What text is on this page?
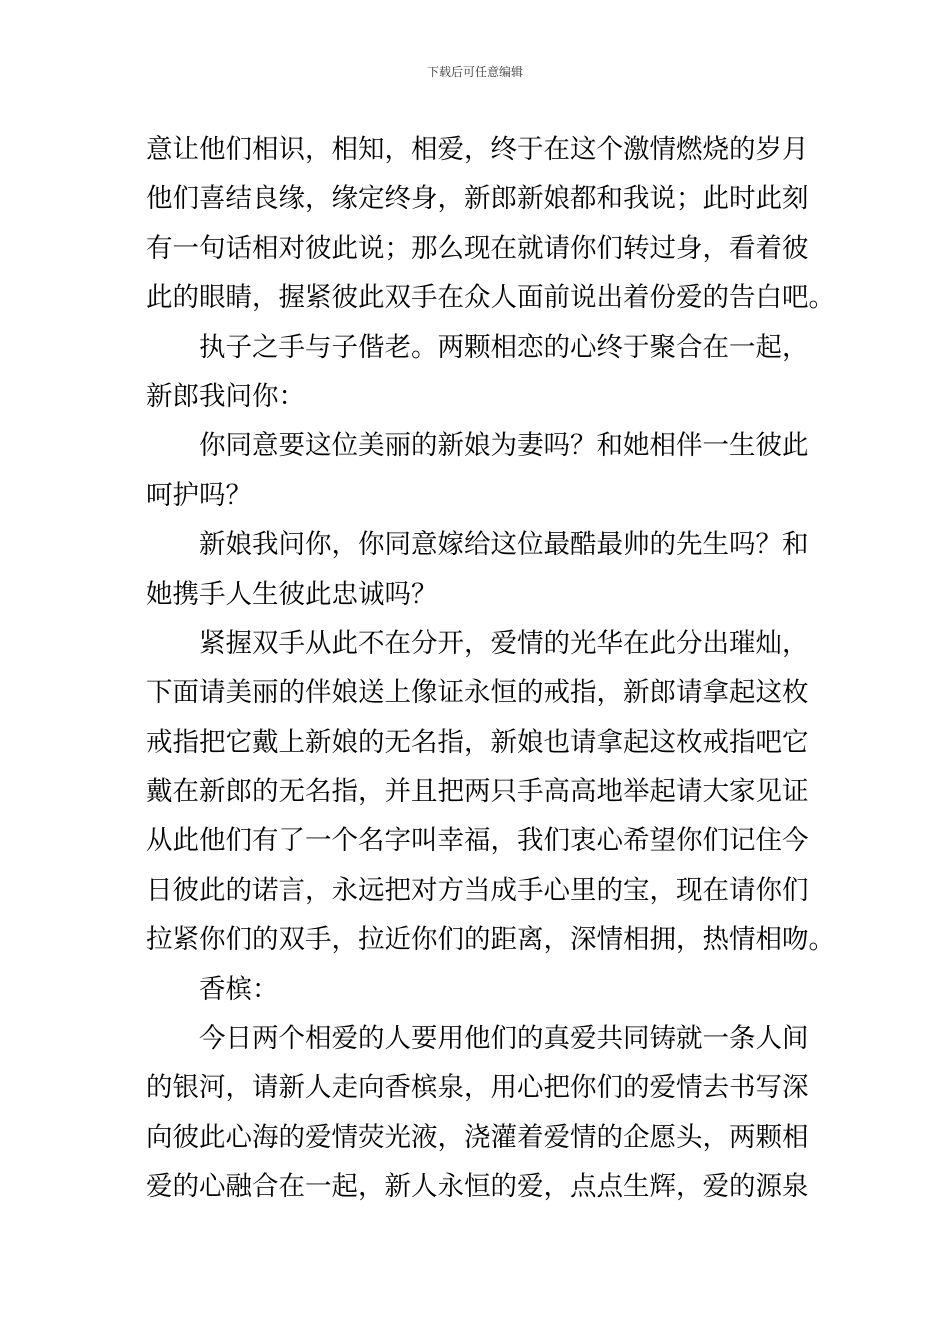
下载后可任意编辑
意让他们相识，相知，相爱，终于在这个激情燃烧的岁月
他们喜结良缘，缘定终身，新郎新娘都和我说；此时此刻
有一句话相对彼此说；那么现在就请你们转过身，看着彼
此的眼睛，握紧彼此双手在众人面前说出着份爱的告白吧。
执子之手与子偕老。两颗相恋的心终于聚合在一起，
新郎我问你：
你同意要这位美丽的新娘为妻吗？和她相伴一生彼此
呵护吗？
新娘我问你，你同意嫁给这位最酷最帅的先生吗？和
她携手人生彼此忠诚吗？
紧握双手从此不在分开，爱情的光华在此分出璀灿，
下面请美丽的伴娘送上像证永恒的戒指，新郎请拿起这枚
戒指把它戴上新娘的无名指，新娘也请拿起这枚戒指吧它
戴在新郎的无名指，并且把两只手高高地举起请大家见证
从此他们有了一个名字叫幸福，我们衷心希望你们记住今
日彼此的诺言，永远把对方当成手心里的宝，现在请你们
拉紧你们的双手，拉近你们的距离，深情相拥，热情相吻。
香槟：
今日两个相爱的人要用他们的真爱共同铸就一条人间
的银河，请新人走向香槟泉，用心把你们的爱情去书写深
向彼此心海的爱情荧光液，浇灌着爱情的企愿头，两颗相
爱的心融合在一起，新人永恒的爱，点点生辉，爱的源泉
